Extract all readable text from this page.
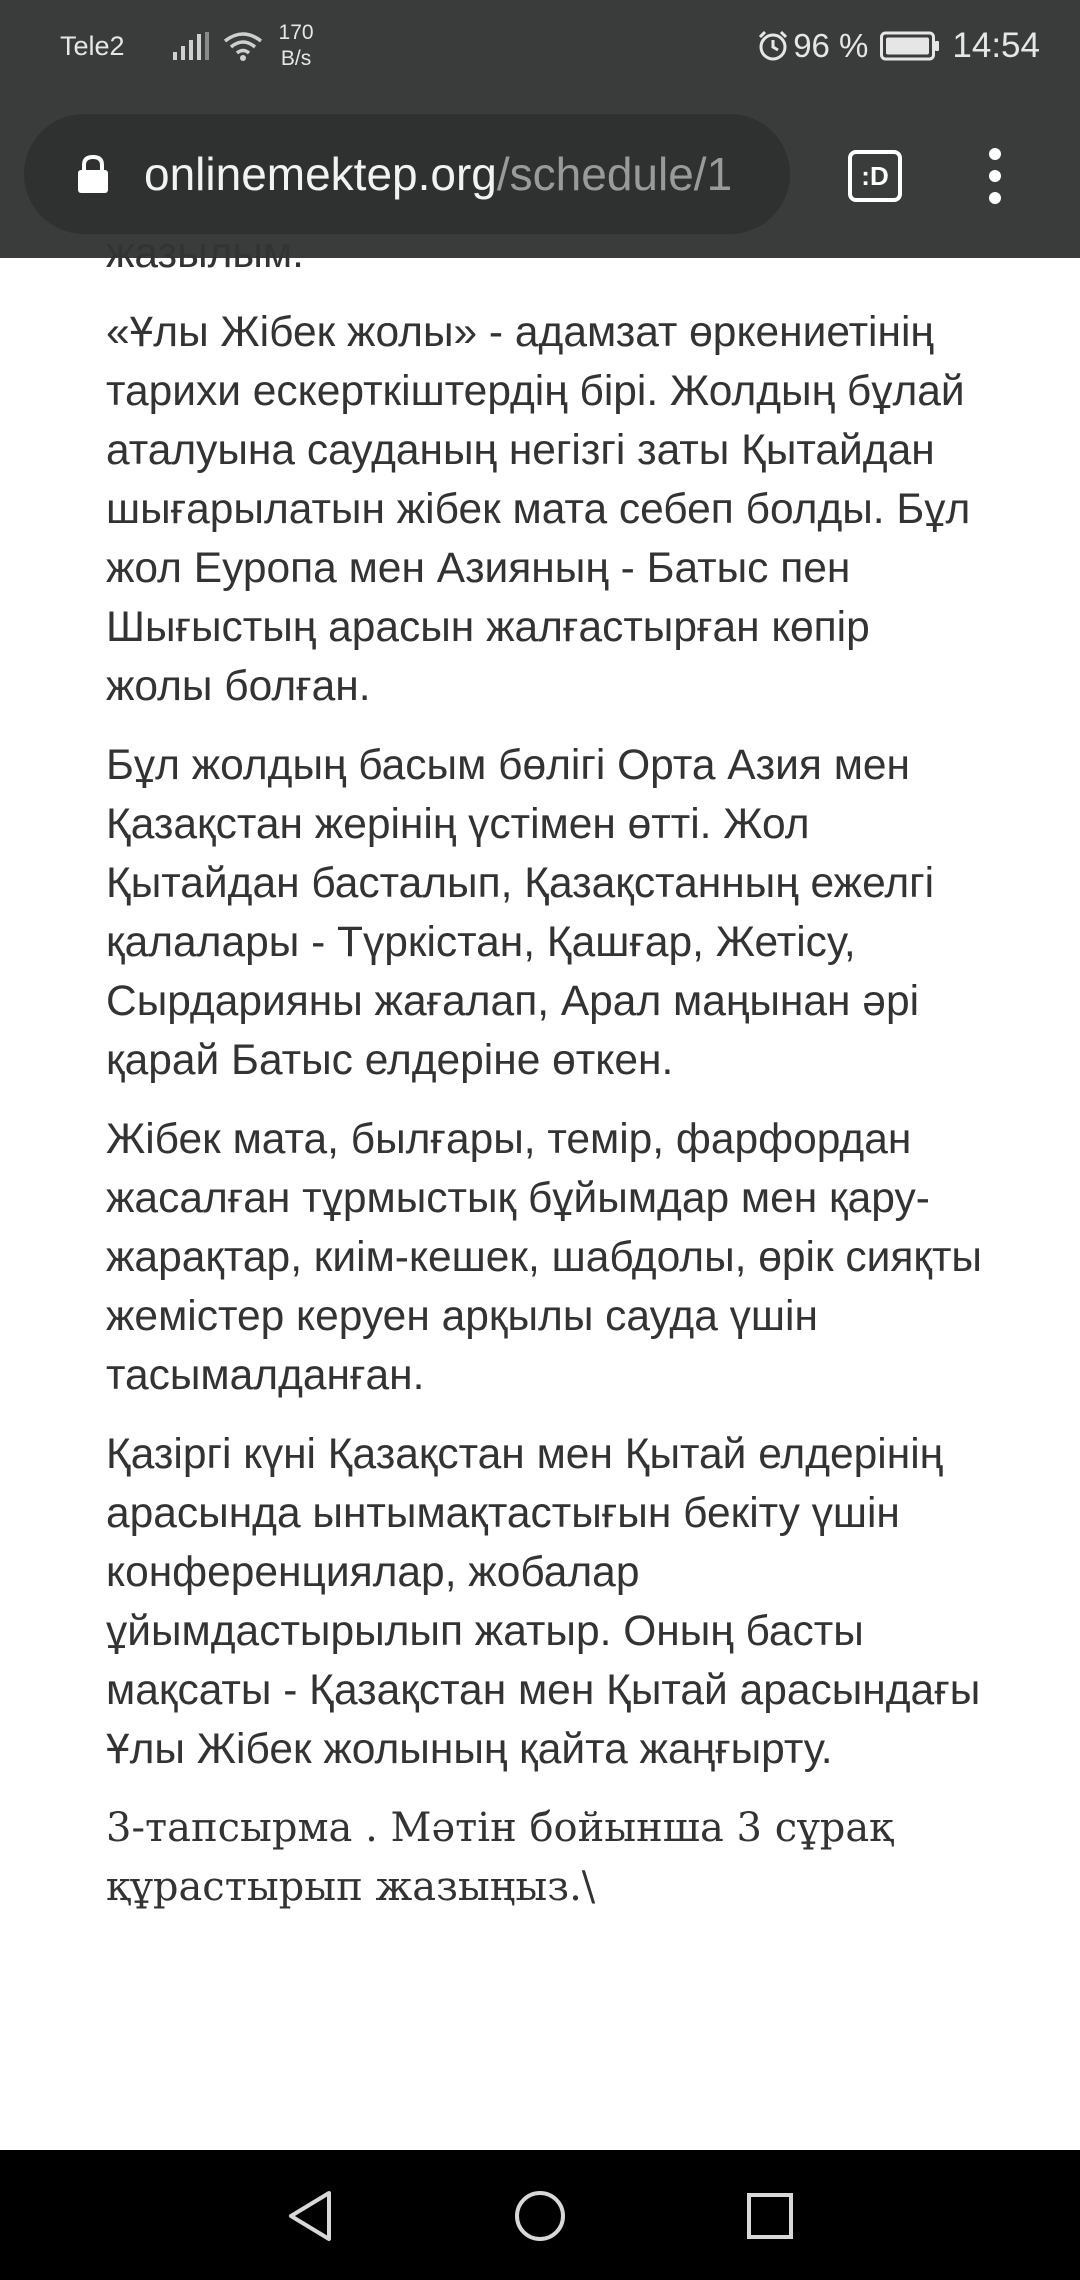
Tele2	170
B/s	96 % 14:54
onlinemektep.org/schedule/1	:D

жазылым.

«Ұлы Жібек жолы» - адамзат өркениетінің тарихи ескерткіштердің бірі. Жолдың бұлай аталуына сауданың негізгі заты Қытайдан шығарылатын жібек мата себеп болды. Бұл жол Еуропа мен Азияның - Батыс пен Шығыстың арасын жалғастырған көпір жолы болған.

Бұл жолдың басым бөлігі Орта Азия мен Қазақстан жерінің үстімен өтті. Жол Қытайдан басталып, Қазақстанның ежелгі қалалары - Түркістан, Қашғар, Жетісу, Сырдарияны жағалап, Арал маңынан әрі қарай Батыс елдеріне өткен.

Жібек мата, былғары, темір, фарфордан жасалған тұрмыстық бұйымдар мен қару-жарақтар, киім-кешек, шабдолы, өрік сияқты жемістер керуен арқылы сауда үшін тасымалданған.

Қазіргі күні Қазақстан мен Қытай елдерінің арасында ынтымақтастығын бекіту үшін конференциялар, жобалар ұйымдастырылып жатыр. Оның басты мақсаты - Қазақстан мен Қытай арасындағы Ұлы Жібек жолының қайта жаңғырту.

3-тапсырма . Мәтін бойынша 3 сұрақ құрастырып жазыңыз.\
